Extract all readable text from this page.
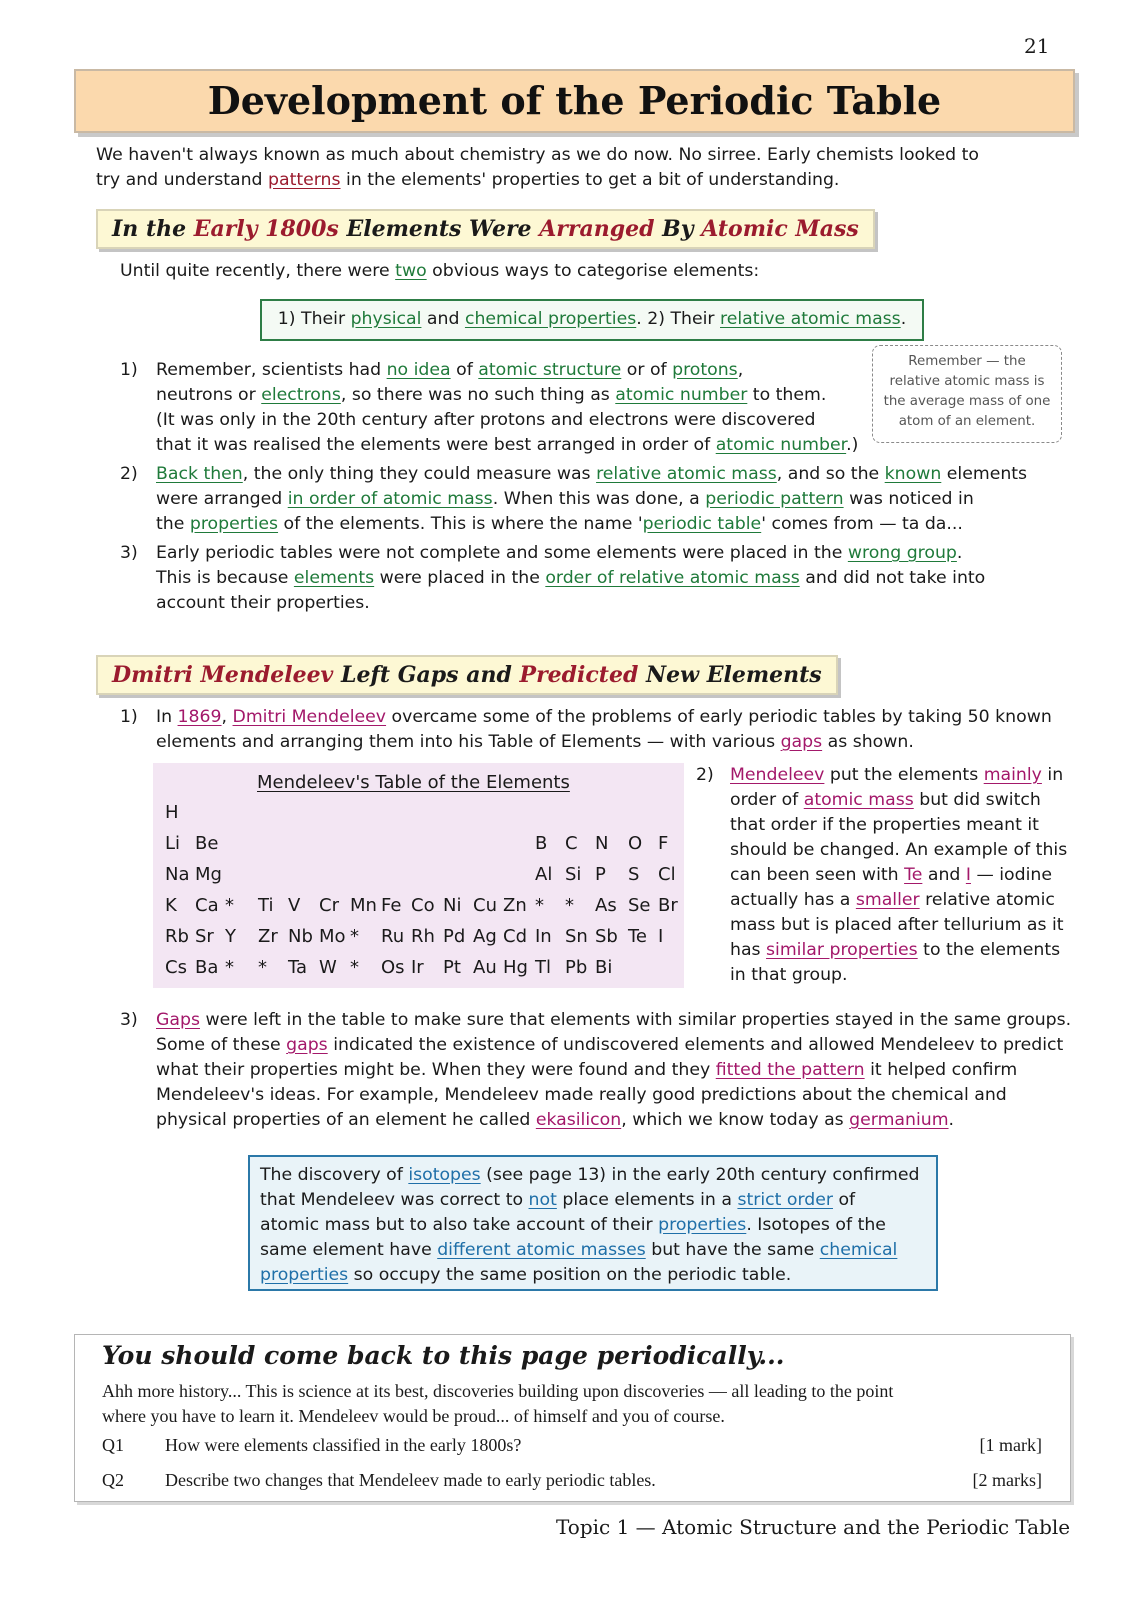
21
Development of the Periodic Table
We haven't always known as much about chemistry as we do now. No sirree. Early chemists looked to
try and understand patterns in the elements' properties to get a bit of understanding.
In the Early 1800s Elements Were Arranged By Atomic Mass
Until quite recently, there were two obvious ways to categorise elements:
1) Their physical and chemical properties. 2) Their relative atomic mass.
Remember — the
relative atomic mass is
the average mass of one
atom of an element.
1)	Remember, scientists had no idea of atomic structure or of protons,
neutrons or electrons, so there was no such thing as atomic number to them.
(It was only in the 20th century after protons and electrons were discovered
that it was realised the elements were best arranged in order of atomic number.)
2)	Back then, the only thing they could measure was relative atomic mass, and so the known elements
were arranged in order of atomic mass. When this was done, a periodic pattern was noticed in
the properties of the elements. This is where the name 'periodic table' comes from — ta da...
3)	Early periodic tables were not complete and some elements were placed in the wrong group.
This is because elements were placed in the order of relative atomic mass and did not take into
account their properties.
Dmitri Mendeleev Left Gaps and Predicted New Elements
1)	In 1869, Dmitri Mendeleev overcame some of the problems of early periodic tables by taking 50 known
elements and arranging them into his Table of Elements — with various gaps as shown.
Mendeleev's Table of the Elements
H
Li Be	B C N O F
Na Mg	Al Si P S Cl
K Ca * Ti V Cr Mn Fe Co Ni Cu Zn * * As Se Br
Rb Sr Y Zr Nb Mo * Ru Rh Pd Ag Cd In Sn Sb Te I
Cs Ba * * Ta W * Os Ir Pt Au Hg Tl Pb Bi
2) Mendeleev put the elements mainly in
order of atomic mass but did switch
that order if the properties meant it
should be changed. An example of this
can been seen with Te and I — iodine
actually has a smaller relative atomic
mass but is placed after tellurium as it
has similar properties to the elements
in that group.
3)	Gaps were left in the table to make sure that elements with similar properties stayed in the same groups.
Some of these gaps indicated the existence of undiscovered elements and allowed Mendeleev to predict
what their properties might be. When they were found and they fitted the pattern it helped confirm
Mendeleev's ideas. For example, Mendeleev made really good predictions about the chemical and
physical properties of an element he called ekasilicon, which we know today as germanium.
The discovery of isotopes (see page 13) in the early 20th century confirmed
that Mendeleev was correct to not place elements in a strict order of
atomic mass but to also take account of their properties. Isotopes of the
same element have different atomic masses but have the same chemical
properties so occupy the same position on the periodic table.
You should come back to this page periodically...
Ahh more history... This is science at its best, discoveries building upon discoveries — all leading to the point
where you have to learn it. Mendeleev would be proud... of himself and you of course.
Q1 How were elements classified in the early 1800s?	[1 mark]
Q2 Describe two changes that Mendeleev made to early periodic tables.	[2 marks]
Topic 1 — Atomic Structure and the Periodic Table
